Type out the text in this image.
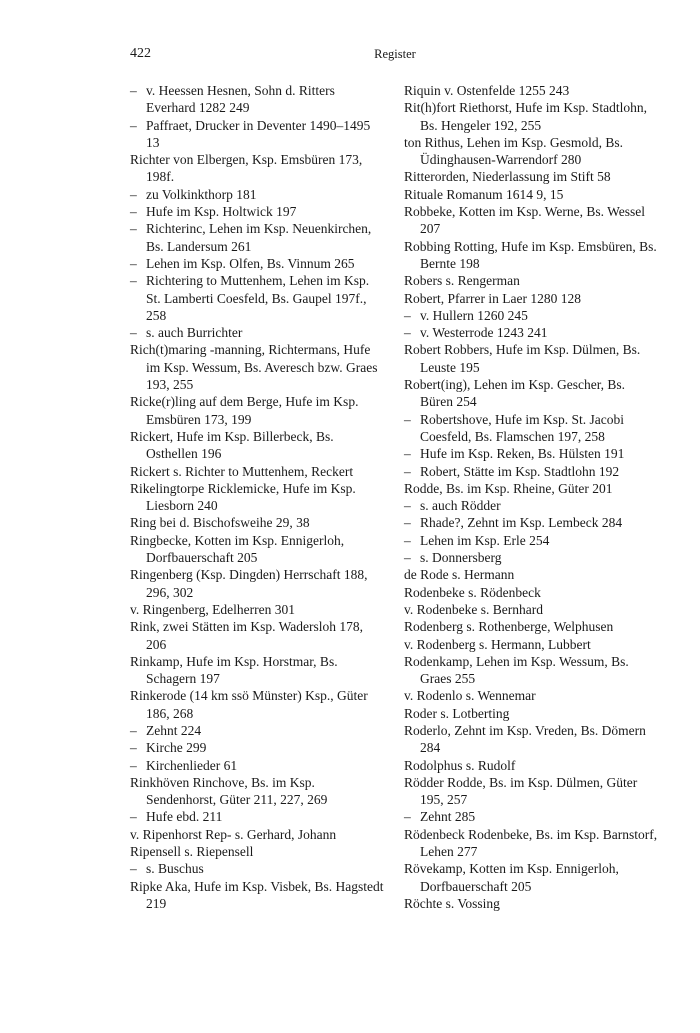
422	Register

– v. Heessen Hesnen, Sohn d. Ritters Everhard 1282 249

– Paffraet, Drucker in Deventer 1490–1495 13

Richter von Elbergen, Ksp. Emsbüren 173, 198f.

– zu Volkinkthorp 181

– Hufe im Ksp. Holtwick 197

– Richterinc, Lehen im Ksp. Neuenkirchen, Bs. Landersum 261

– Lehen im Ksp. Olfen, Bs. Vinnum 265

– Richtering to Muttenhem, Lehen im Ksp. St. Lamberti Coesfeld, Bs. Gaupel 197f., 258

– s. auch Burrichter

Rich(t)maring -manning, Richtermans, Hufe im Ksp. Wessum, Bs. Averesch bzw. Graes 193, 255

Ricke(r)ling auf dem Berge, Hufe im Ksp. Emsbüren 173, 199

Rickert, Hufe im Ksp. Billerbeck, Bs. Osthellen 196

Rickert s. Richter to Muttenhem, Reckert

Rikelingtorpe Ricklemicke, Hufe im Ksp. Liesborn 240

Ring bei d. Bischofsweihe 29, 38

Ringbecke, Kotten im Ksp. Ennigerloh, Dorfbauerschaft 205

Ringenberg (Ksp. Dingden) Herrschaft 188, 296, 302

v. Ringenberg, Edelherren 301

Rink, zwei Stätten im Ksp. Wadersloh 178, 206

Rinkamp, Hufe im Ksp. Horstmar, Bs. Schagern 197

Rinkerode (14 km ssö Münster) Ksp., Güter 186, 268

– Zehnt 224

– Kirche 299

– Kirchenlieder 61

Rinkhöven Rinchove, Bs. im Ksp. Sendenhorst, Güter 211, 227, 269

– Hufe ebd. 211

v. Ripenhorst Rep- s. Gerhard, Johann

Ripensell s. Riepensell

– s. Buschus

Ripke Aka, Hufe im Ksp. Visbek, Bs. Hagstedt 219

Riquin v. Ostenfelde 1255 243

Rit(h)fort Riethorst, Hufe im Ksp. Stadtlohn, Bs. Hengeler 192, 255

ton Rithus, Lehen im Ksp. Gesmold, Bs. Üdinghausen-Warrendorf 280

Ritterorden, Niederlassung im Stift 58

Rituale Romanum 1614 9, 15

Robbeke, Kotten im Ksp. Werne, Bs. Wessel 207

Robbing Rotting, Hufe im Ksp. Emsbüren, Bs. Bernte 198

Robers s. Rengerman

Robert, Pfarrer in Laer 1280 128

– v. Hullern 1260 245

– v. Westerrode 1243 241

Robert Robbers, Hufe im Ksp. Dülmen, Bs. Leuste 195

Robert(ing), Lehen im Ksp. Gescher, Bs. Büren 254

– Robertshove, Hufe im Ksp. St. Jacobi Coesfeld, Bs. Flamschen 197, 258

– Hufe im Ksp. Reken, Bs. Hülsten 191

– Robert, Stätte im Ksp. Stadtlohn 192

Rodde, Bs. im Ksp. Rheine, Güter 201

– s. auch Rödder

– Rhade?, Zehnt im Ksp. Lembeck 284

– Lehen im Ksp. Erle 254

– s. Donnersberg

de Rode s. Hermann

Rodenbeke s. Rödenbeck

v. Rodenbeke s. Bernhard

Rodenberg s. Rothenberge, Welphusen

v. Rodenberg s. Hermann, Lubbert

Rodenkamp, Lehen im Ksp. Wessum, Bs. Graes 255

v. Rodenlo s. Wennemar

Roder s. Lotberting

Roderlo, Zehnt im Ksp. Vreden, Bs. Dömern 284

Rodolphus s. Rudolf

Rödder Rodde, Bs. im Ksp. Dülmen, Güter 195, 257

– Zehnt 285

Rödenbeck Rodenbeke, Bs. im Ksp. Barnstorf, Lehen 277

Rövekamp, Kotten im Ksp. Ennigerloh, Dorfbauerschaft 205

Röchte s. Vossing
